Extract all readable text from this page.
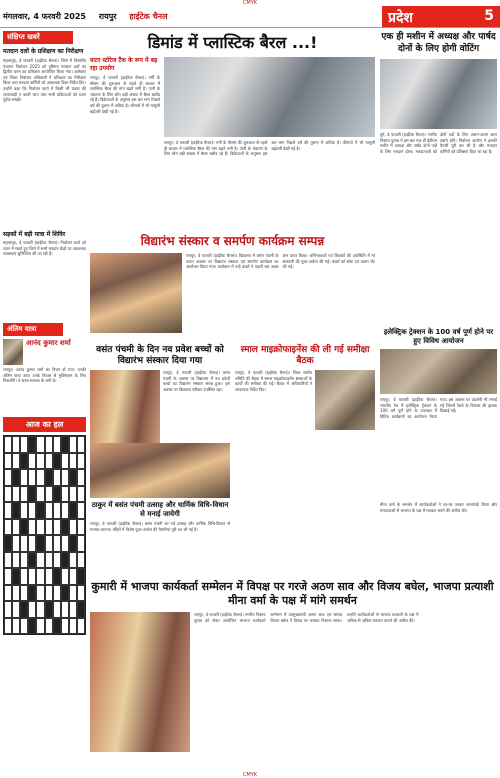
CMYK
मंगलवार, 4 फरवरी 2025 रायपुर हाईटेक चैनल	प्रदेश	5
संक्षिप्त खबरें
मतदान दलों के प्रशिक्षण का निरीक्षण
महासमुंद, 4 फरवरी (हाईटेक चैनल)। जिले में त्रिस्तरीय पंचायत निर्वाचन 2025 को दृष्टिगत मतदान दलों का द्वितीय चरण का प्रशिक्षण आयोजित किया गया। कलेक्टर एवं जिला निर्वाचन अधिकारी ने प्रशिक्षण का निरीक्षण किया तथा मतदान कर्मियों को आवश्यक दिशा-निर्देश दिए। उन्होंने कहा कि निर्वाचन कार्य में किसी भी प्रकार की लापरवाही न बरती जाए तथा सभी प्रक्रियाओं को ध्यान पूर्वक समझें।
सड़कों में बड़ी मात्रा में शिविर
महासमुंद, 4 फरवरी (हाईटेक चैनल)। निर्वाचन कार्य को ध्यान में रखते हुए जिले में सभी मतदान केंद्रों पर आवश्यक व्यवस्थाएं सुनिश्चित की जा रही हैं।
अंतिम यात्रा
आनंद कुमार शर्मा
रायपुर। आनंद कुमार शर्मा का निधन हो गया। उनकी अंतिम यात्रा आज उनके निवास से मुक्तिधाम के लिए निकलेगी। वे सरल स्वभाव के धनी थे।
आज का हल
डिमांड में प्लास्टिक बैरल ...!
वाटर स्टोरेज टैंक के रूप में बढ़ रहा उपयोग
रायपुर, 4 फरवरी (हाईटेक चैनल)। गर्मी के मौसम की शुरुआत से पहले ही बाजार में प्लास्टिक बैरल की मांग बढ़ने लगी है। पानी के भंडारण के लिए लोग बड़ी संख्या में बैरल खरीद रहे हैं। विक्रेताओं के अनुसार इस बार मांग पिछले वर्ष की तुलना में अधिक है। कीमतों में भी मामूली बढ़ोतरी देखी गई है।
रायपुर, 4 फरवरी (हाईटेक चैनल)। गर्मी के मौसम की शुरुआत से पहले ही बाजार में प्लास्टिक बैरल की मांग बढ़ने लगी है। पानी के भंडारण के लिए लोग बड़ी संख्या में बैरल खरीद रहे हैं। विक्रेताओं के अनुसार इस बार मांग पिछले वर्ष की तुलना में अधिक है। कीमतों में भी मामूली बढ़ोतरी देखी गई है।
विद्यारंभ संस्कार व समर्पण कार्यक्रम सम्पन्न
रायपुर, 4 फरवरी (हाईटेक चैनल)। विद्यालय में वसंत पंचमी के पावन अवसर पर विद्यारंभ संस्कार एवं समर्पण कार्यक्रम का आयोजन किया गया। कार्यक्रम में नन्हे बच्चों ने पहली बार अक्षर ज्ञान प्राप्त किया। अभिभावकों एवं शिक्षकों की उपस्थिति में मां सरस्वती की पूजा-अर्चना की गई। बच्चों को स्लेट एवं कलम भेंट की गई।
वसंत पंचमी के दिन नव प्रवेश बच्चों को विद्यारंभ संस्कार दिया गया
रायपुर, 4 फरवरी (हाईटेक चैनल)। वसंत पंचमी के अवसर पर विद्यालय में नव प्रवेशी बच्चों का विद्यारंभ संस्कार संपन्न हुआ। इस अवसर पर विद्यालय परिवार उपस्थित रहा।
स्माल माइक्रोफाइनेंस की ली गई समीक्षा बैठक
रायपुर, 4 फरवरी (हाईटेक चैनल)। जिला स्तरीय समिति की बैठक में स्माल माइक्रोफाइनेंस संस्थाओं के कार्यों की समीक्षा की गई। बैठक में अधिकारियों ने आवश्यक निर्देश दिए।
ठाकुर में बसंत पंचमी उत्साह और धार्मिक विधि-विधान से मनाई जायेगी
रायपुर, 4 फरवरी (हाईटेक चैनल)। बसंत पंचमी का पर्व उत्साह और धार्मिक विधि-विधान से मनाया जाएगा। मंदिरों में विशेष पूजा-अर्चना की तैयारियां पूरी कर ली गई हैं।
कुमारी में भाजपा कार्यकर्ता सम्मेलन में विपक्ष पर गरजे अठण साव और विजय बघेल, भाजपा प्रत्याशी मीना वर्मा के पक्ष में मांगे समर्थन
रायपुर, 4 फरवरी (हाईटेक चैनल)। नगरीय निकाय चुनाव को लेकर आयोजित भाजपा कार्यकर्ता सम्मेलन में उपमुख्यमंत्री अरुण साव एवं सांसद विजय बघेल ने विपक्ष पर जमकर निशाना साधा। उन्होंने कार्यकर्ताओं से भाजपा प्रत्याशी के पक्ष में अधिक से अधिक मतदान कराने की अपील की।
एक ही मशीन में अध्यक्ष और पार्षद दोनों के लिए होगी वोटिंग
दुर्ग, 4 फरवरी (हाईटेक चैनल)। नगरीय निकाय चुनाव में इस बार एक ही ईवीएम मशीन में अध्यक्ष और पार्षद दोनों पदों के लिए मतदान होगा। मतदाताओं को दोनों पदों के लिए अलग-अलग बटन दबाने होंगे। निर्वाचन आयोग ने इसकी तैयारी पूरी कर ली है और मतदान कर्मियों को प्रशिक्षण दिया जा रहा है।
इलेक्ट्रिक ट्रेक्शन के 100 वर्ष पूर्ण होने पर हुए विविध आयोजन
रायपुर, 4 फरवरी (हाईटेक चैनल)। भारतीय रेल में इलेक्ट्रिक ट्रेक्शन के 100 वर्ष पूर्ण होने के उपलक्ष्य में विविध कार्यक्रमों का आयोजन किया गया। इस अवसर पर प्रदर्शनी भी लगाई गई जिसमें रेलवे के विकास की झलक दिखाई गई।
मीना वर्मा के समर्थन में कार्यकर्ताओं ने घर-घर जाकर जनसंपर्क किया और मतदाताओं से भाजपा के पक्ष में मतदान करने की अपील की।
CMYK
